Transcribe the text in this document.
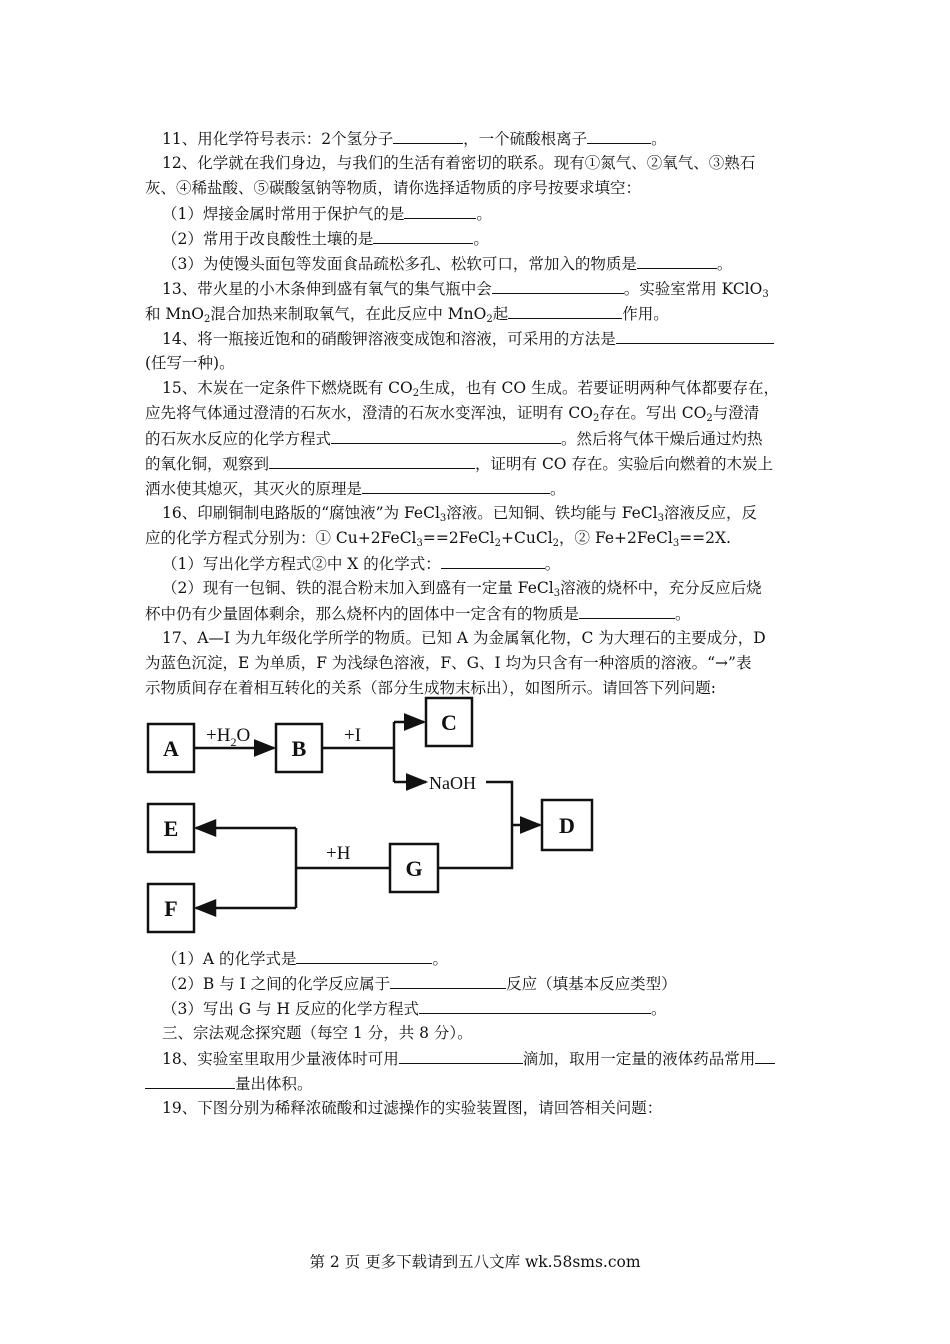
11、用化学符号表示：2个氢分子	，一个硫酸根离子	。
12、化学就在我们身边，与我们的生活有着密切的联系。现有①氮气、②氧气、③熟石
灰、④稀盐酸、⑤碳酸氢钠等物质，请你选择适物质的序号按要求填空：
（1）焊接金属时常用于保护气的是	。
（2）常用于改良酸性土壤的是	。
（3）为使馒头面包等发面食品疏松多孔、松软可口，常加入的物质是	。
13、带火星的小木条伸到盛有氧气的集气瓶中会	。实验室常用 KClO$_3$
和 MnO$_2$混合加热来制取氧气，在此反应中 MnO$_2$起	作用。
14、将一瓶接近饱和的硝酸钾溶液变成饱和溶液，可采用的方法是
(任写一种)。
15、木炭在一定条件下燃烧既有 $CO_2$生成，也有 CO 生成。若要证明两种气体都要存在，
应先将气体通过澄清的石灰水，澄清的石灰水变浑浊，证明有 $CO_2$存在。写出 $CO_2$与澄清
的石灰水反应的化学方程式	。然后将气体干燥后通过灼热
的氧化铜，观察到	，证明有 CO 存在。实验后向燃着的木炭上
洒水使其熄灭，其灭火的原理是	。
16、印刷铜制电路版的“腐蚀液”为 FeCl$_3$溶液。已知铜、铁均能与 FeCl$_3$溶液反应，反
应的化学方程式分别为：① Cu+2FeCl$_3$==2FeCl$_2$+CuCl$_2$，② Fe+2FeCl$_3$==2X.
（1）写出化学方程式②中 X 的化学式：	。
（2）现有一包铜、铁的混合粉末加入到盛有一定量 FeCl$_3$溶液的烧杯中，充分反应后烧
杯中仍有少量固体剩余，那么烧杯内的固体中一定含有的物质是	。
17、A—I 为九年级化学所学的物质。已知 A 为金属氧化物，C 为大理石的主要成分，D
为蓝色沉淀，E 为单质，F 为浅绿色溶液，F、G、I 均为只含有一种溶质的溶液。“→”表
示物质间存在着相互转化的关系（部分生成物末标出），如图所示。请回答下列问题:
A	B
C
D
E
F
G
$+H_2O$	+I
NaOH
+H
（1）A 的化学式是	。
（2）B 与 I 之间的化学反应属于	反应（填基本反应类型）
（3）写出 G 与 H 反应的化学方程式	。
三、宗法观念探究题（每空 1 分，共 8 分）。
18、实验室里取用少量液体时可用	滴加，取用一定量的液体药品常用
量出体积。
19、下图分别为稀释浓硫酸和过滤操作的实验装置图，请回答相关问题：
第 2 页 更多下载请到五八文库 wk.58sms.com
